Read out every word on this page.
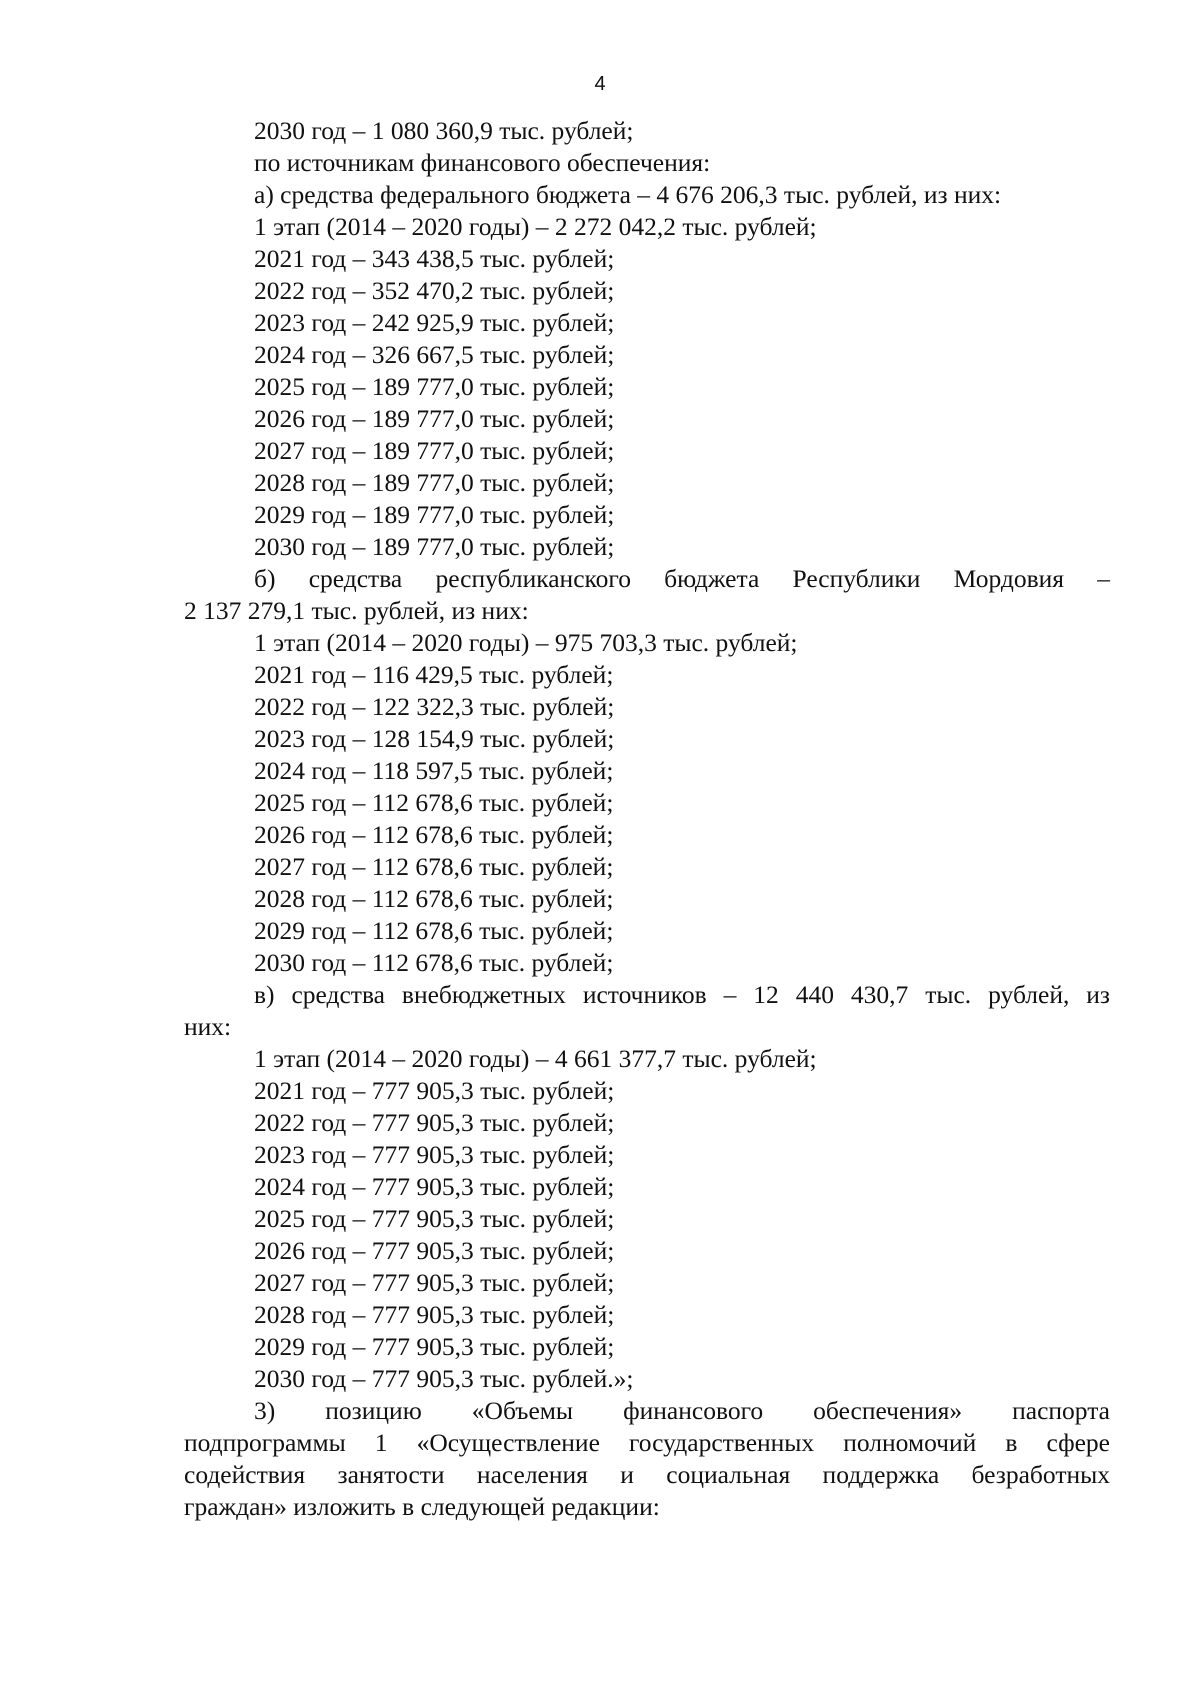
4
2030 год – 1 080 360,9 тыс. рублей;
по источникам финансового обеспечения:
а) средства федерального бюджета – 4 676 206,3 тыс. рублей, из них:
1 этап (2014 – 2020 годы) – 2 272 042,2 тыс. рублей;
2021 год – 343 438,5 тыс. рублей;
2022 год – 352 470,2 тыс. рублей;
2023 год – 242 925,9 тыс. рублей;
2024 год – 326 667,5 тыс. рублей;
2025 год – 189 777,0 тыс. рублей;
2026 год – 189 777,0 тыс. рублей;
2027 год – 189 777,0 тыс. рублей;
2028 год – 189 777,0 тыс. рублей;
2029 год – 189 777,0 тыс. рублей;
2030 год – 189 777,0 тыс. рублей;
б) средства республиканского бюджета Республики Мордовия –
2 137 279,1 тыс. рублей, из них:
1 этап (2014 – 2020 годы) – 975 703,3 тыс. рублей;
2021 год – 116 429,5 тыс. рублей;
2022 год – 122 322,3 тыс. рублей;
2023 год – 128 154,9 тыс. рублей;
2024 год – 118 597,5 тыс. рублей;
2025 год – 112 678,6 тыс. рублей;
2026 год – 112 678,6 тыс. рублей;
2027 год – 112 678,6 тыс. рублей;
2028 год – 112 678,6 тыс. рублей;
2029 год – 112 678,6 тыс. рублей;
2030 год – 112 678,6 тыс. рублей;
в) средства внебюджетных источников – 12 440 430,7 тыс. рублей, из
них:
1 этап (2014 – 2020 годы) – 4 661 377,7 тыс. рублей;
2021 год – 777 905,3 тыс. рублей;
2022 год – 777 905,3 тыс. рублей;
2023 год – 777 905,3 тыс. рублей;
2024 год – 777 905,3 тыс. рублей;
2025 год – 777 905,3 тыс. рублей;
2026 год – 777 905,3 тыс. рублей;
2027 год – 777 905,3 тыс. рублей;
2028 год – 777 905,3 тыс. рублей;
2029 год – 777 905,3 тыс. рублей;
2030 год – 777 905,3 тыс. рублей.»;
3) позицию «Объемы финансового обеспечения» паспорта
подпрограммы 1 «Осуществление государственных полномочий в сфере
содействия занятости населения и социальная поддержка безработных
граждан» изложить в следующей редакции:
